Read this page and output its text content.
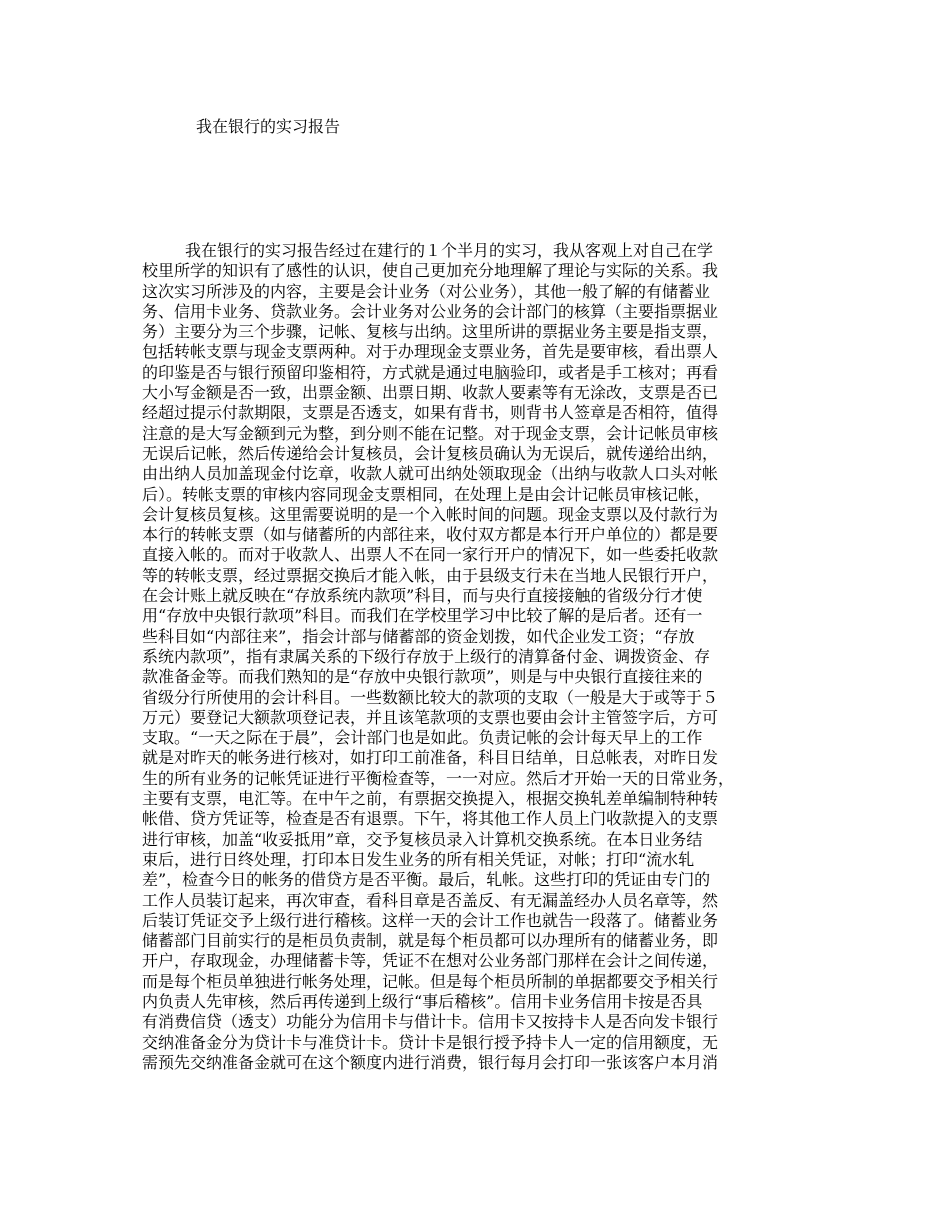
我在银行的实习报告
我在银行的实习报告经过在建行的１个半月的实习，我从客观上对自己在学
校里所学的知识有了感性的认识，使自己更加充分地理解了理论与实际的关系。我
这次实习所涉及的内容，主要是会计业务（对公业务），其他一般了解的有储蓄业
务、信用卡业务、贷款业务。会计业务对公业务的会计部门的核算（主要指票据业
务）主要分为三个步骤，记帐、复核与出纳。这里所讲的票据业务主要是指支票，
包括转帐支票与现金支票两种。对于办理现金支票业务，首先是要审核，看出票人
的印鉴是否与银行预留印鉴相符，方式就是通过电脑验印，或者是手工核对；再看
大小写金额是否一致，出票金额、出票日期、收款人要素等有无涂改，支票是否已
经超过提示付款期限，支票是否透支，如果有背书，则背书人签章是否相符，值得
注意的是大写金额到元为整，到分则不能在记整。对于现金支票，会计记帐员审核
无误后记帐，然后传递给会计复核员，会计复核员确认为无误后，就传递给出纳，
由出纳人员加盖现金付讫章，收款人就可出纳处领取现金（出纳与收款人口头对帐
后）。转帐支票的审核内容同现金支票相同，在处理上是由会计记帐员审核记帐，
会计复核员复核。这里需要说明的是一个入帐时间的问题。现金支票以及付款行为
本行的转帐支票（如与储蓄所的内部往来，收付双方都是本行开户单位的）都是要
直接入帐的。而对于收款人、出票人不在同一家行开户的情况下，如一些委托收款
等的转帐支票，经过票据交换后才能入帐，由于县级支行未在当地人民银行开户，
在会计账上就反映在“存放系统内款项”科目，而与央行直接接触的省级分行才使
用“存放中央银行款项”科目。而我们在学校里学习中比较了解的是后者。还有一
些科目如“内部往来”，指会计部与储蓄部的资金划拨，如代企业发工资；“存放
系统内款项”，指有隶属关系的下级行存放于上级行的清算备付金、调拨资金、存
款准备金等。而我们熟知的是“存放中央银行款项”，则是与中央银行直接往来的
省级分行所使用的会计科目。一些数额比较大的款项的支取（一般是大于或等于５
万元）要登记大额款项登记表，并且该笔款项的支票也要由会计主管签字后，方可
支取。“一天之际在于晨”，会计部门也是如此。负责记帐的会计每天早上的工作
就是对昨天的帐务进行核对，如打印工前准备，科目日结单，日总帐表，对昨日发
生的所有业务的记帐凭证进行平衡检查等，一一对应。然后才开始一天的日常业务，
主要有支票，电汇等。在中午之前，有票据交换提入，根据交换轧差单编制特种转
帐借、贷方凭证等，检查是否有退票。下午，将其他工作人员上门收款提入的支票
进行审核，加盖“收妥抵用”章，交予复核员录入计算机交换系统。在本日业务结
束后，进行日终处理，打印本日发生业务的所有相关凭证，对帐；打印“流水轧
差”，检查今日的帐务的借贷方是否平衡。最后，轧帐。这些打印的凭证由专门的
工作人员装订起来，再次审查，看科目章是否盖反、有无漏盖经办人员名章等，然
后装订凭证交予上级行进行稽核。这样一天的会计工作也就告一段落了。储蓄业务
储蓄部门目前实行的是柜员负责制，就是每个柜员都可以办理所有的储蓄业务，即
开户，存取现金，办理储蓄卡等，凭证不在想对公业务部门那样在会计之间传递，
而是每个柜员单独进行帐务处理，记帐。但是每个柜员所制的单据都要交予相关行
内负责人先审核，然后再传递到上级行“事后稽核”。信用卡业务信用卡按是否具
有消费信贷（透支）功能分为信用卡与借计卡。信用卡又按持卡人是否向发卡银行
交纳准备金分为贷计卡与准贷计卡。贷计卡是银行授予持卡人一定的信用额度，无
需预先交纳准备金就可在这个额度内进行消费，银行每月会打印一张该客户本月消
